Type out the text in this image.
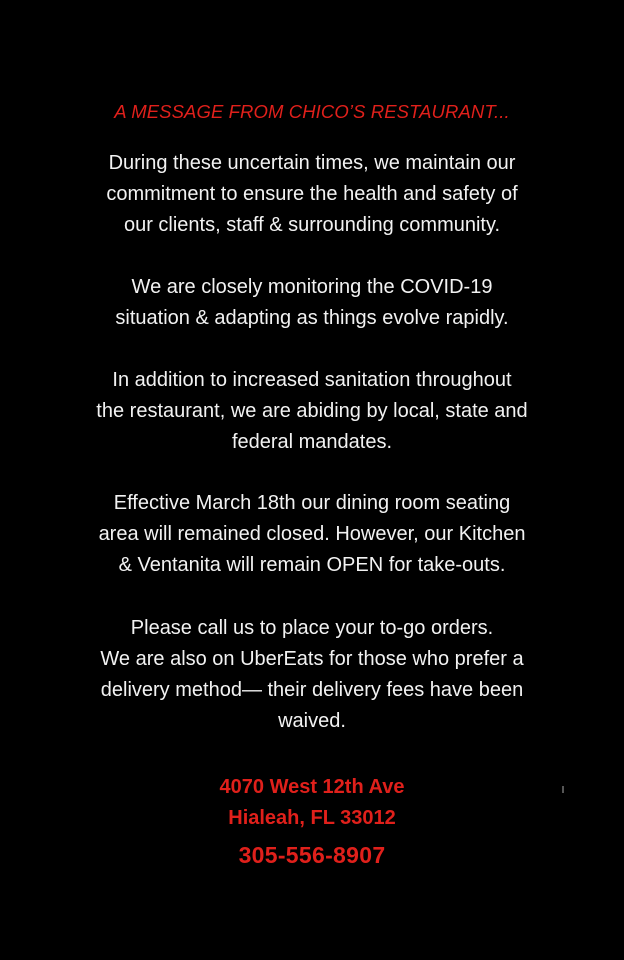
A MESSAGE FROM CHICO’S RESTAURANT...
During these uncertain times, we maintain our
commitment to ensure the health and safety of
our clients, staff & surrounding community.
We are closely monitoring the COVID-19
situation & adapting as things evolve rapidly.
In addition to increased sanitation throughout
the restaurant, we are abiding by local, state and
federal mandates.
Effective March 18th our dining room seating
area will remained closed. However, our Kitchen
& Ventanita will remain OPEN for take-outs.
Please call us to place your to-go orders.
We are also on UberEats for those who prefer a
delivery method— their delivery fees have been
waived.
4070 West 12th Ave
Hialeah, FL 33012
305-556-8907
